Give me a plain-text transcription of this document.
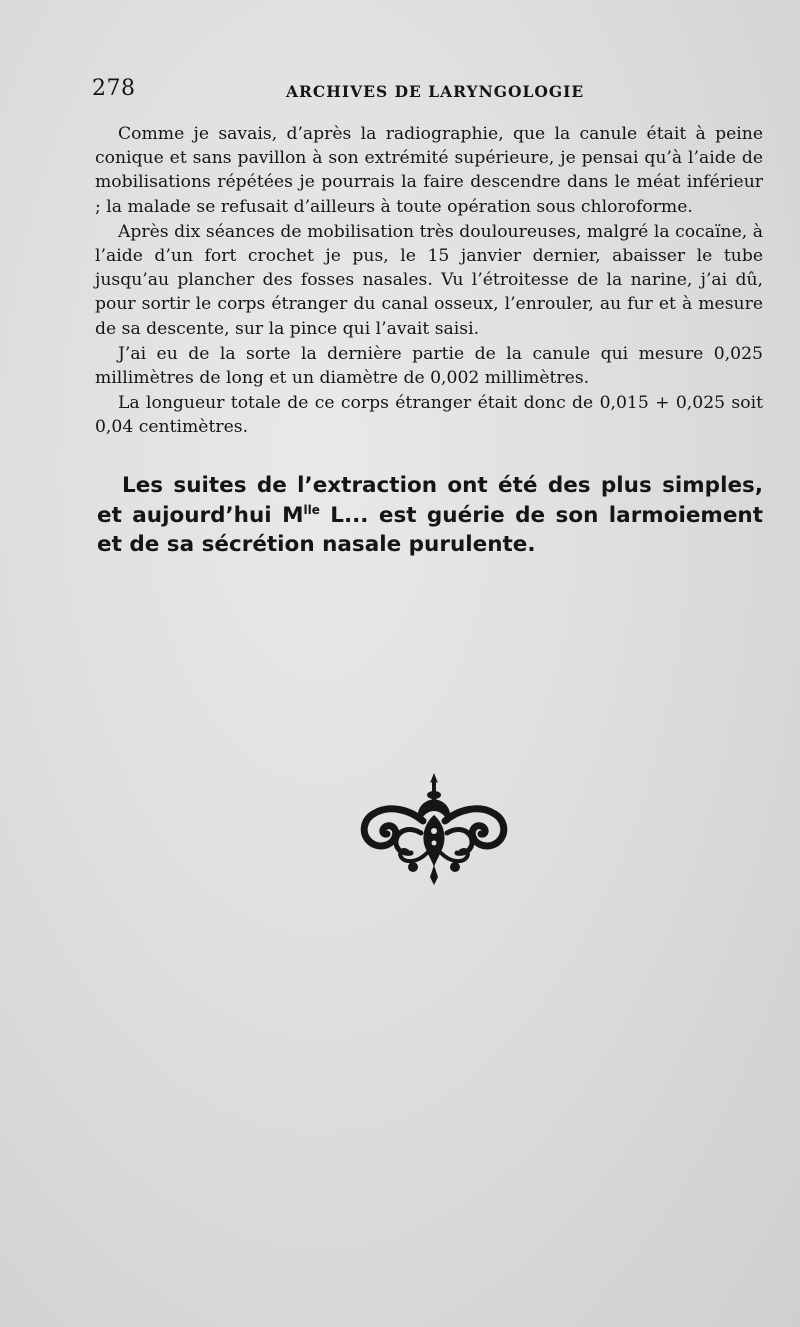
278	ARCHIVES DE LARYNGOLOGIE

Comme je savais, d’après la radiographie, que la canule était à peine conique et sans pavillon à son extrémité supérieure, je pensai qu’à l’aide de mobilisations répétées je pourrais la faire descendre dans le méat inférieur ; la malade se refusait d’ailleurs à toute opération sous chloroforme.

Après dix séances de mobilisation très douloureuses, malgré la cocaïne, à l’aide d’un fort crochet je pus, le 15 janvier dernier, abaisser le tube jusqu’au plancher des fosses nasales. Vu l’étroitesse de la narine, j’ai dû, pour sortir le corps étranger du canal osseux, l’enrouler, au fur et à mesure de sa descente, sur la pince qui l’avait saisi.

J’ai eu de la sorte la dernière partie de la canule qui mesure 0,025 millimètres de long et un diamètre de 0,002 millimètres.

La longueur totale de ce corps étranger était donc de 0,015 + 0,025 soit 0,04 centimètres.

Les suites de l’extraction ont été des plus simples, et aujourd’hui $M^{lle}$ L... est guérie de son larmoiement et de sa sécrétion nasale purulente.
